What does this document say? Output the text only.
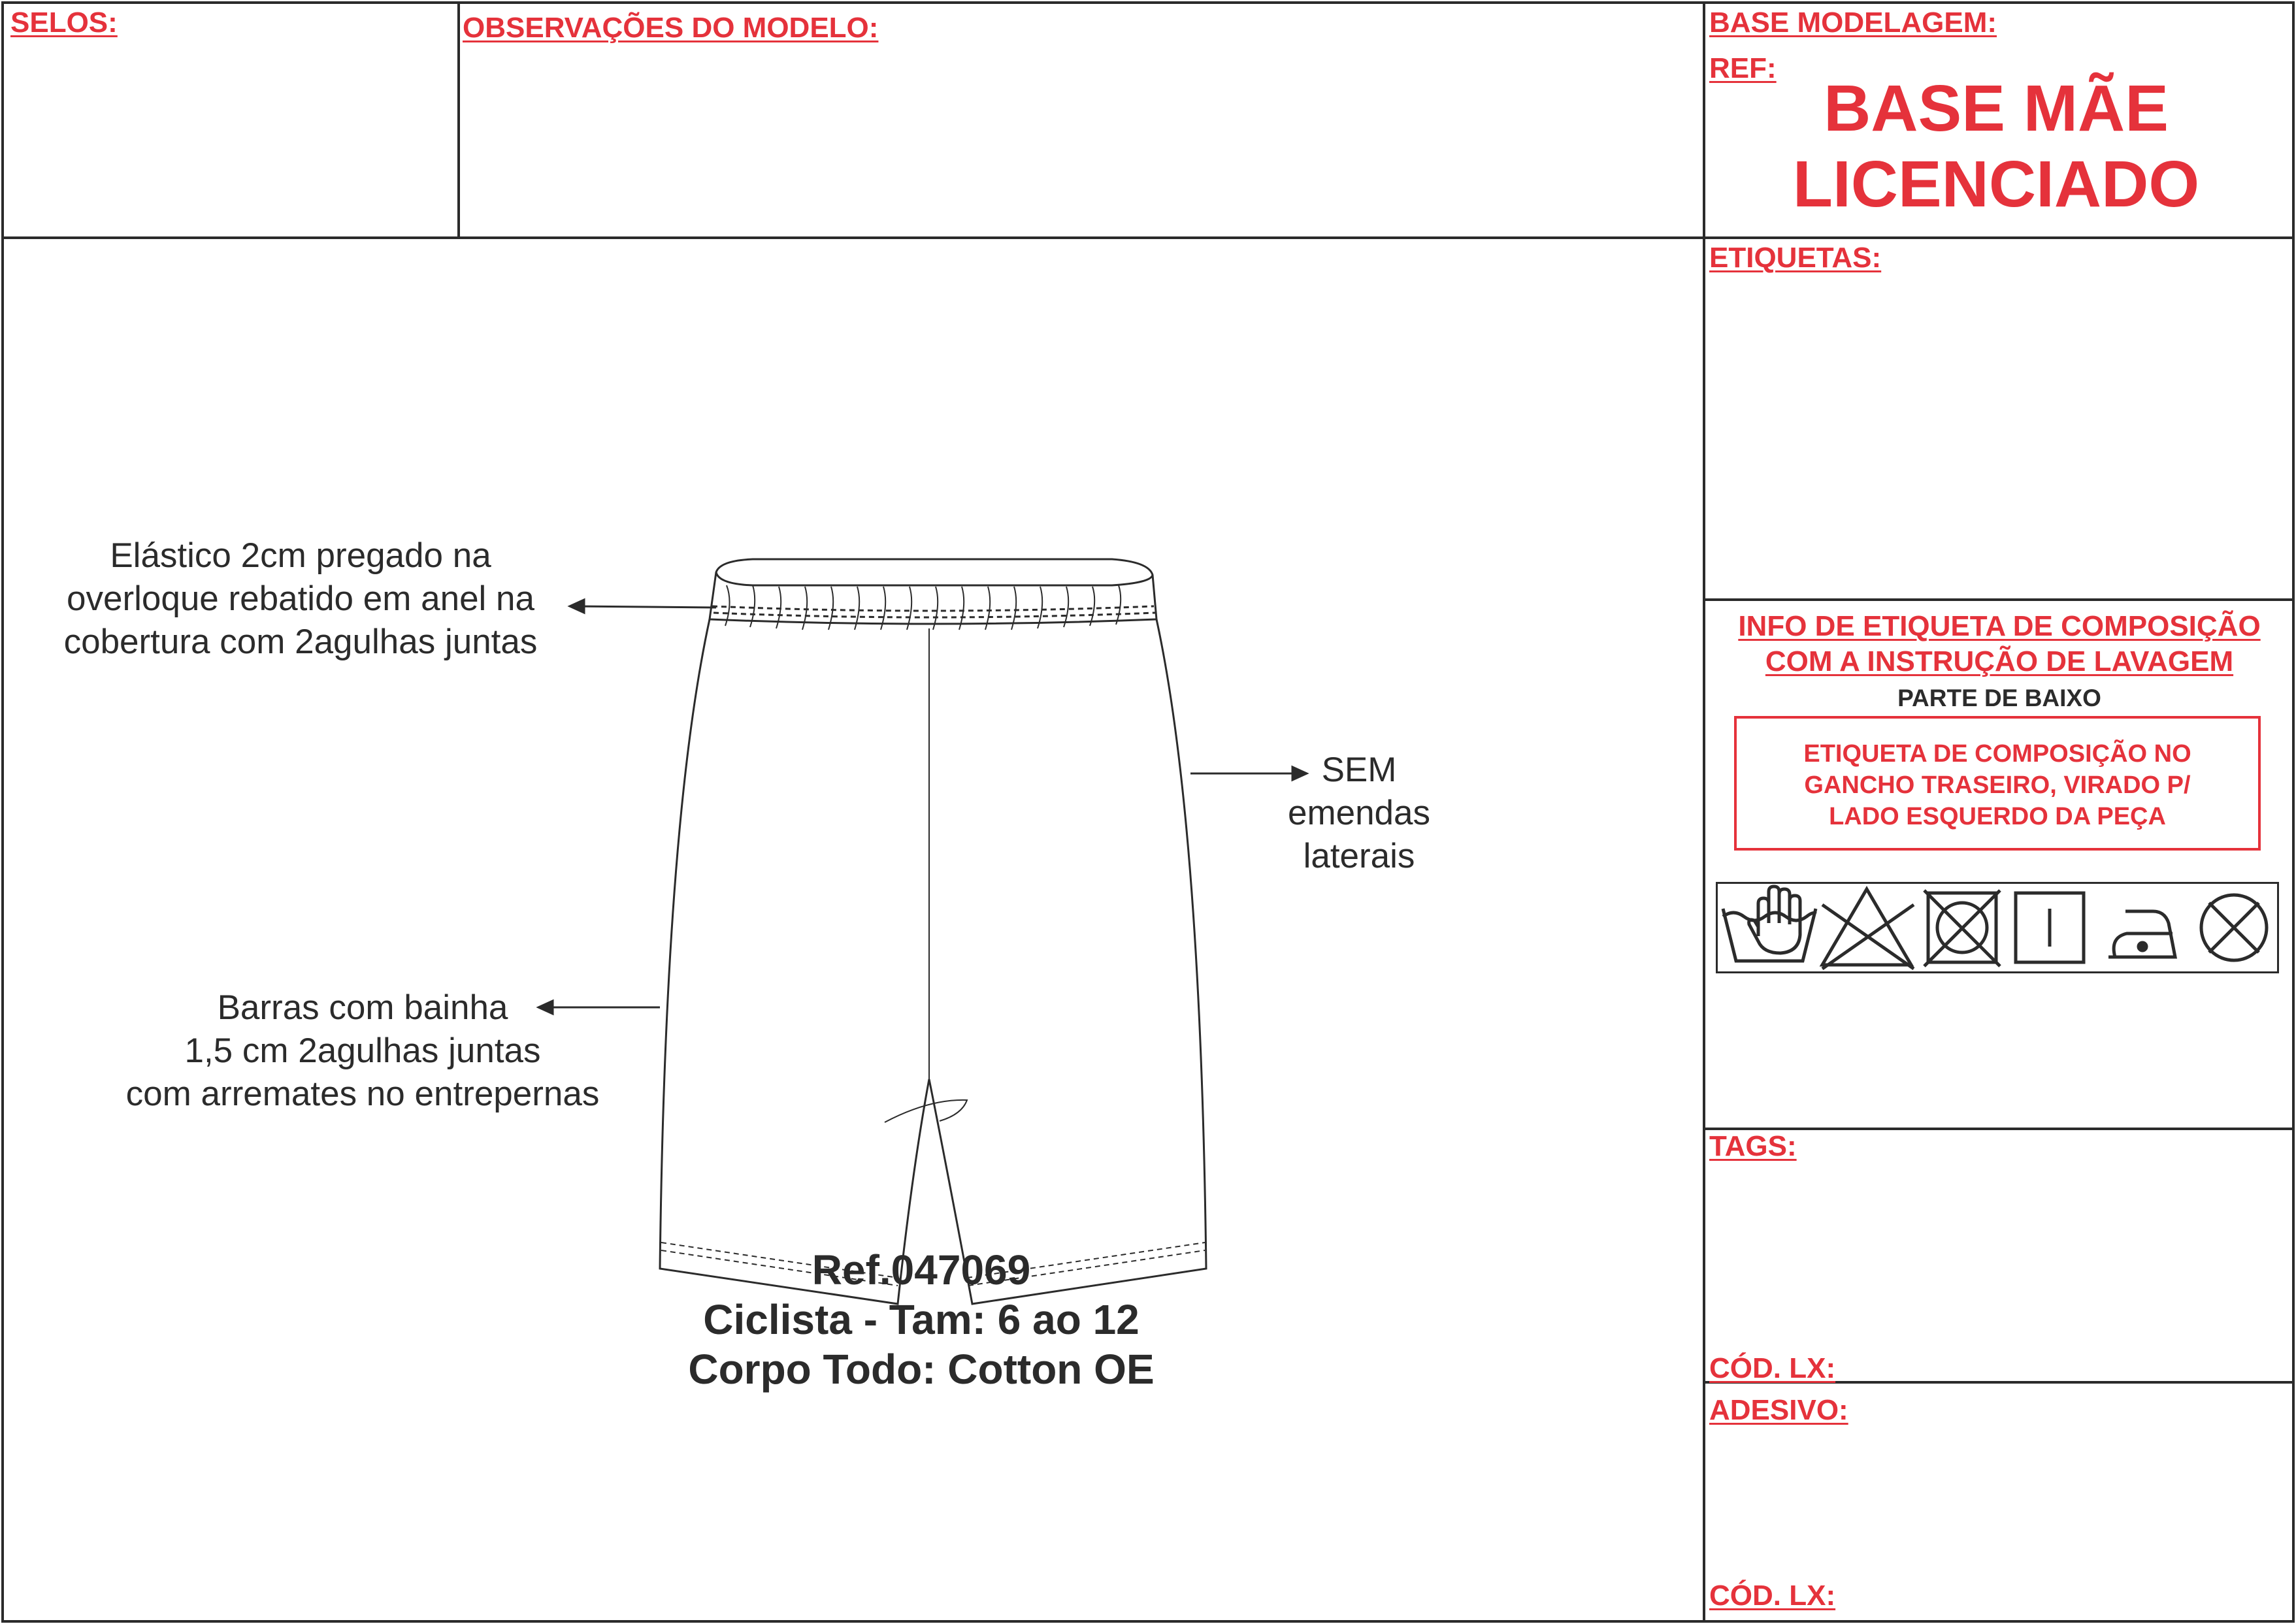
SELOS:	OBSERVAÇÕES DO MODELO:	BASE MODELAGEM:
REF:
BASE MÃE
LICENCIADO
ETIQUETAS:
INFO DE ETIQUETA DE COMPOSIÇÃO
COM A INSTRUÇÃO DE LAVAGEM
PARTE DE BAIXO
ETIQUETA DE COMPOSIÇÃO NO
GANCHO TRASEIRO, VIRADO P/
LADO ESQUERDO DA PEÇA
TAGS:
CÓD. LX:
ADESIVO:
CÓD. LX:
Elástico 2cm pregado na
overloque rebatido em anel na
cobertura com 2agulhas juntas
SEM
emendas
laterais
Barras com bainha
1,5 cm 2agulhas juntas
com arremates no entrepernas
Ref.047069
Ciclista - Tam: 6 ao 12
Corpo Todo: Cotton OE
